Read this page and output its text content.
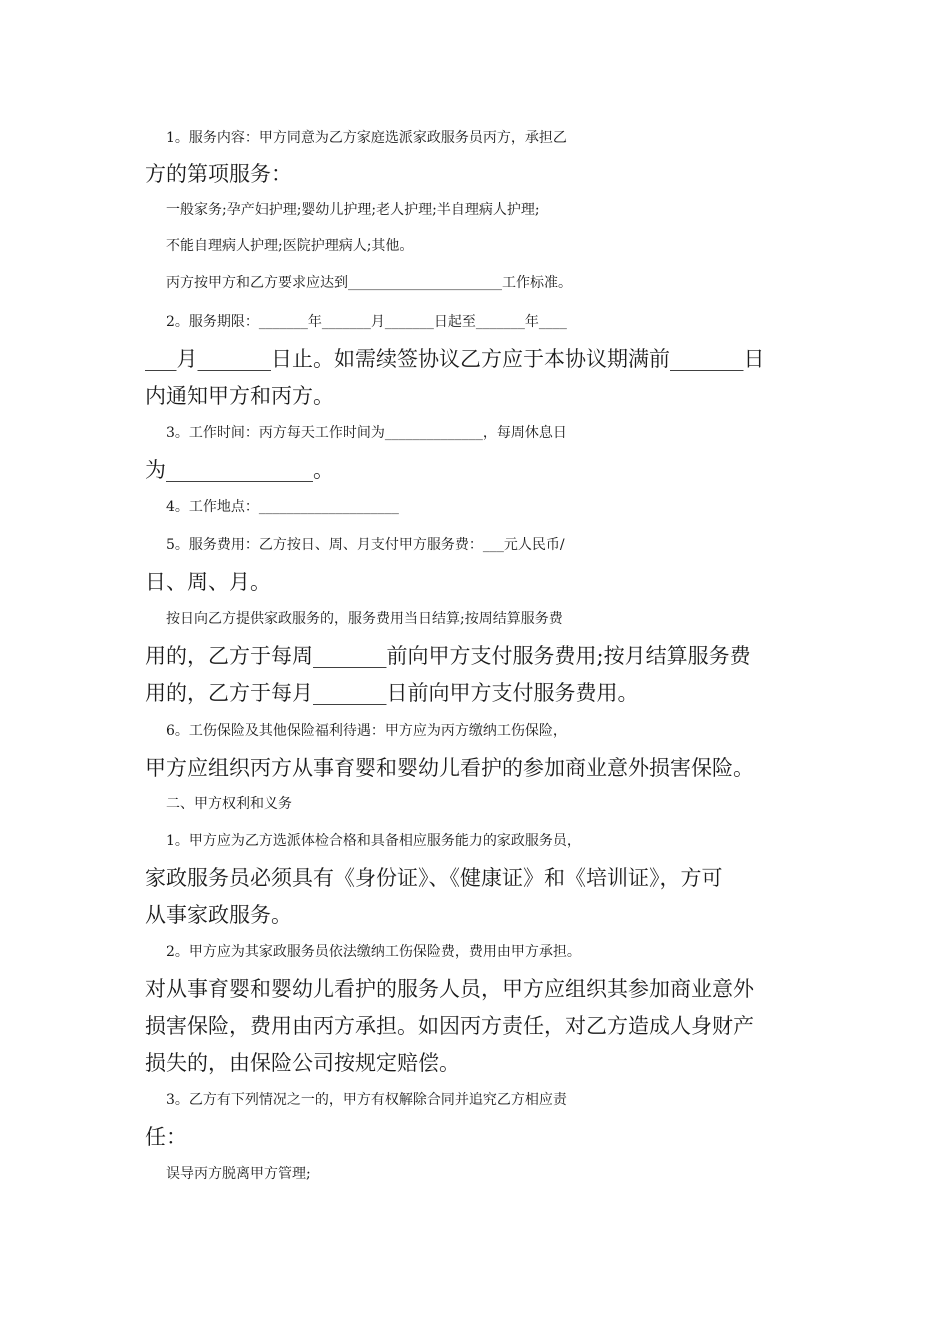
1。服务内容：甲方同意为乙方家庭选派家政服务员丙方，承担乙
方的第项服务：
一般家务;孕产妇护理;婴幼儿护理;老人护理;半自理病人护理;
不能自理病人护理;医院护理病人;其他。
丙方按甲方和乙方要求应达到______________________工作标准。
2。服务期限：_______年_______月_______日起至_______年____
___月_______日止。如需续签协议乙方应于本协议期满前_______日
内通知甲方和丙方。
3。工作时间：丙方每天工作时间为______________，每周休息日
为______________。
4。工作地点：____________________
5。服务费用：乙方按日、周、月支付甲方服务费：___元人民币/
日、周、月。
按日向乙方提供家政服务的，服务费用当日结算;按周结算服务费
用的，乙方于每周_______前向甲方支付服务费用;按月结算服务费
用的，乙方于每月_______日前向甲方支付服务费用。
6。工伤保险及其他保险福利待遇：甲方应为丙方缴纳工伤保险，
甲方应组织丙方从事育婴和婴幼儿看护的参加商业意外损害保险。
二、甲方权利和义务
1。甲方应为乙方选派体检合格和具备相应服务能力的家政服务员，
家政服务员必须具有《身份证》、《健康证》和《培训证》，方可
从事家政服务。
2。甲方应为其家政服务员依法缴纳工伤保险费，费用由甲方承担。
对从事育婴和婴幼儿看护的服务人员，甲方应组织其参加商业意外
损害保险，费用由丙方承担。如因丙方责任，对乙方造成人身财产
损失的，由保险公司按规定赔偿。
3。乙方有下列情况之一的，甲方有权解除合同并追究乙方相应责
任：
误导丙方脱离甲方管理;
